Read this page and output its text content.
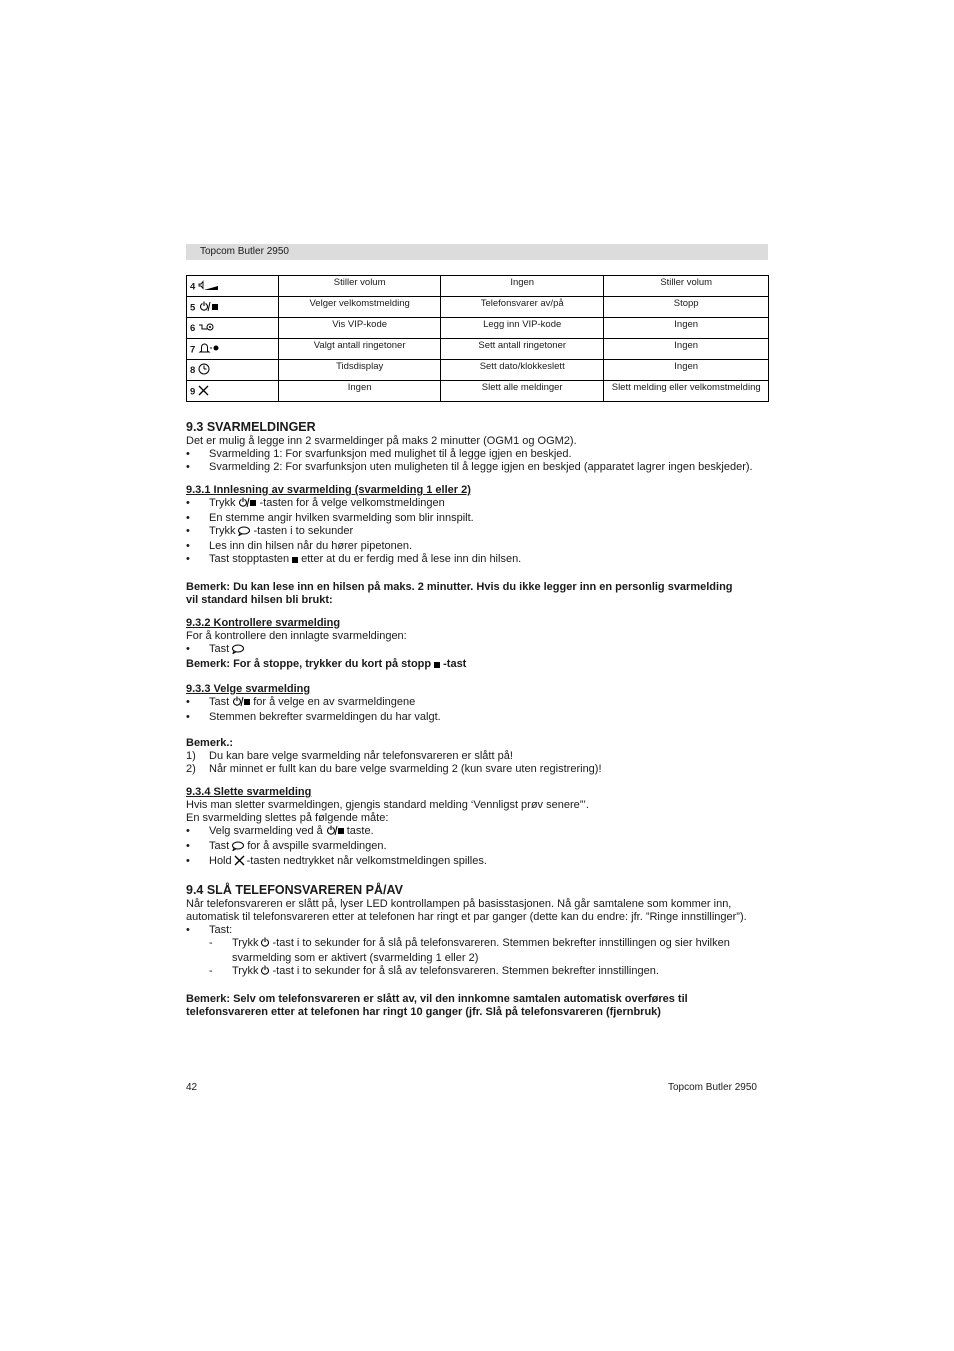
Topcom Butler 2950
4	Stiller volum	Ingen	Stiller volum
5	Velger velkomstmelding	Telefonsvarer av/på	Stopp
6	Vis VIP-kode	Legg inn VIP-kode	Ingen
7	Valgt antall ringetoner	Sett antall ringetoner	Ingen
8	Tidsdisplay	Sett dato/klokkeslett	Ingen
9	Ingen	Slett alle meldinger	Slett melding eller velkomstmelding

9.3 SVARMELDINGER

Det er mulig å legge inn 2 svarmeldinger på maks 2 minutter (OGM1 og OGM2).

• Svarmelding 1: For svarfunksjon med mulighet til å legge igjen en beskjed.
• Svarmelding 2: For svarfunksjon uten muligheten til å legge igjen en beskjed (apparatet lagrer ingen beskjeder).

9.3.1 Innlesning av svarmelding (svarmelding 1 eller 2)

• Trykk -tasten for å velge velkomstmeldingen
• En stemme angir hvilken svarmelding som blir innspilt.
• Trykk -tasten i to sekunder
• Les inn din hilsen når du hører pipetonen.
• Tast stopptasten etter at du er ferdig med å lese inn din hilsen.

Bemerk: Du kan lese inn en hilsen på maks. 2 minutter. Hvis du ikke legger inn en personlig svarmelding

vil standard hilsen bli brukt:

9.3.2 Kontrollere svarmelding

For å kontrollere den innlagte svarmeldingen:

• Tast

Bemerk: For å stoppe, trykker du kort på stopp -tast

9.3.3 Velge svarmelding

• Tast for å velge en av svarmeldingene
• Stemmen bekrefter svarmeldingen du har valgt.

Bemerk.:

1) Du kan bare velge svarmelding når telefonsvareren er slått på!
2) Når minnet er fullt kan du bare velge svarmelding 2 (kun svare uten registrering)!

9.3.4 Slette svarmelding

Hvis man sletter svarmeldingen, gjengis standard melding ‘Vennligst prøv senere”’.

En svarmelding slettes på følgende måte:

• Velg svarmelding ved å taste.
• Tast for å avspille svarmeldingen.
• Hold -tasten nedtrykket når velkomstmeldingen spilles.

9.4 SLÅ TELEFONSVAREREN PÅ/AV

Når telefonsvareren er slått på, lyser LED kontrollampen på basisstasjonen. Nå går samtalene som kommer inn,

automatisk til telefonsvareren etter at telefonen har ringt et par ganger (dette kan du endre: jfr. ”Ringe innstillinger”).

• Tast:
- Trykk -tast i to sekunder for å slå på telefonsvareren. Stemmen bekrefter innstillingen og sier hvilken
svarmelding som er aktivert (svarmelding 1 eller 2)
- Trykk -tast i to sekunder for å slå av telefonsvareren. Stemmen bekrefter innstillingen.

Bemerk: Selv om telefonsvareren er slått av, vil den innkomne samtalen automatisk overføres til

telefonsvareren etter at telefonen har ringt 10 ganger (jfr. Slå på telefonsvareren (fjernbruk)

42	Topcom Butler 2950
